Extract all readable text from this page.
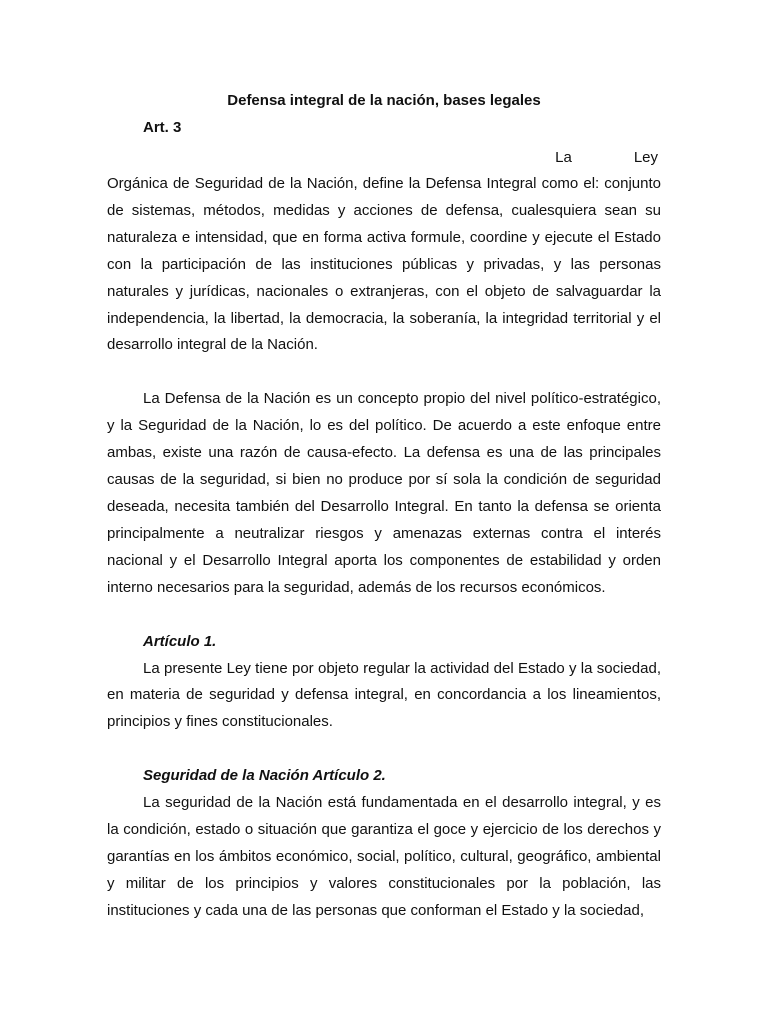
Defensa integral de la nación, bases legales

Art. 3

La	Ley

Orgánica de Seguridad de la Nación, define la Defensa Integral como el: conjunto de sistemas, métodos, medidas y acciones de defensa, cualesquiera sean su naturaleza e intensidad, que en forma activa formule, coordine y ejecute el Estado con la participación de las instituciones públicas y privadas, y las personas naturales y jurídicas, nacionales o extranjeras, con el objeto de salvaguardar la independencia, la libertad, la democracia, la soberanía, la integridad territorial y el desarrollo integral de la Nación.

La Defensa de la Nación es un concepto propio del nivel político-estratégico, y la Seguridad de la Nación, lo es del político. De acuerdo a este enfoque entre ambas, existe una razón de causa-efecto. La defensa es una de las principales causas de la seguridad, si bien no produce por sí sola la condición de seguridad deseada, necesita también del Desarrollo Integral. En tanto la defensa se orienta principalmente a neutralizar riesgos y amenazas externas contra el interés nacional y el Desarrollo Integral aporta los componentes de estabilidad y orden interno necesarios para la seguridad, además de los recursos económicos.

Artículo 1.

La presente Ley tiene por objeto regular la actividad del Estado y la sociedad, en materia de seguridad y defensa integral, en concordancia a los lineamientos, principios y fines constitucionales.

Seguridad de la Nación Artículo 2.

La seguridad de la Nación está fundamentada en el desarrollo integral, y es la condición, estado o situación que garantiza el goce y ejercicio de los derechos y garantías en los ámbitos económico, social, político, cultural, geográfico, ambiental y militar de los principios y valores constitucionales por la población, las instituciones y cada una de las personas que conforman el Estado y la sociedad,
